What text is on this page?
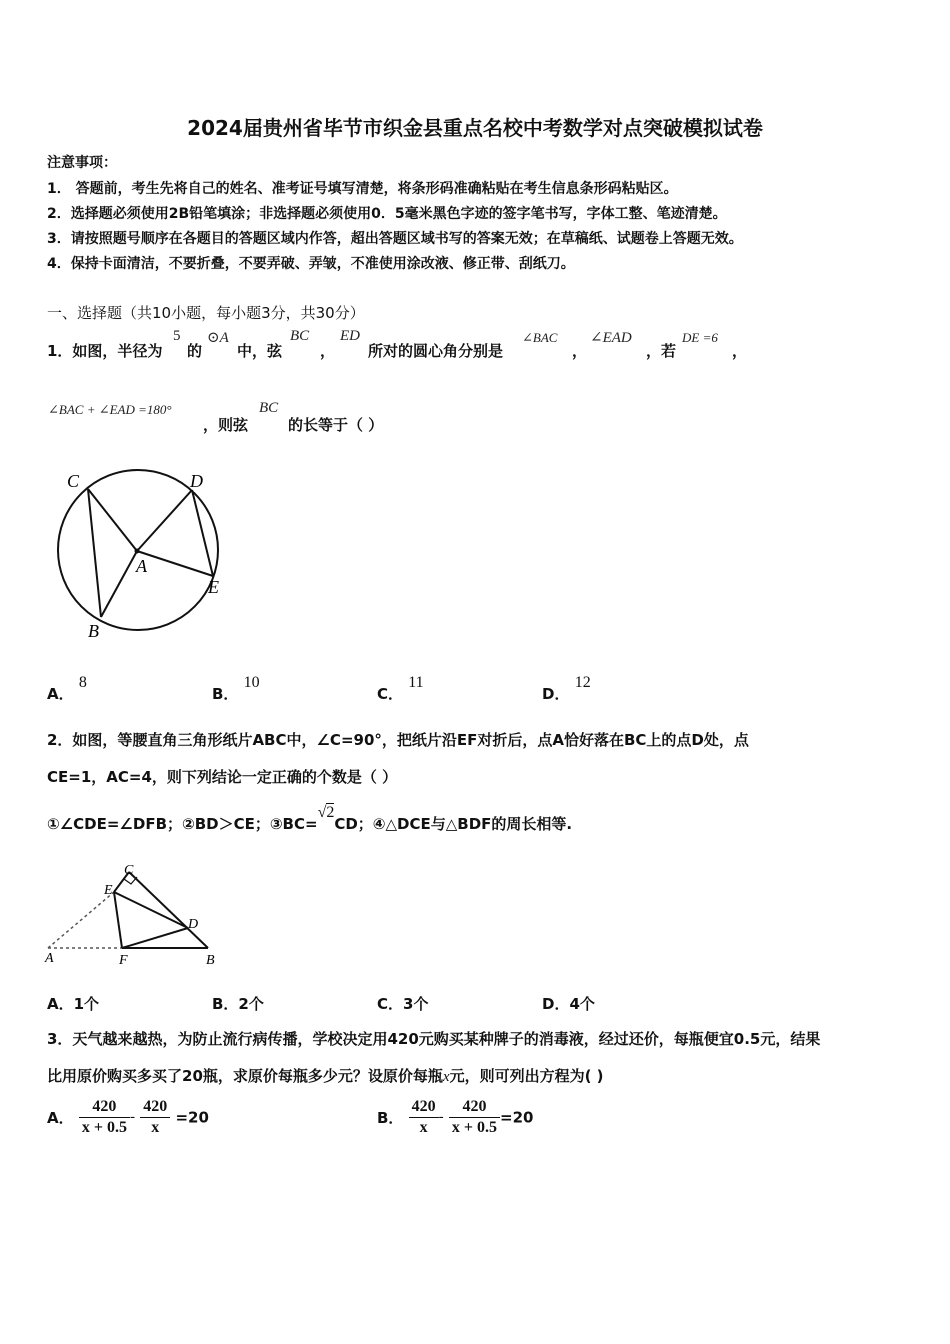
2024届贵州省毕节市织金县重点名校中考数学对点突破模拟试卷
注意事项：
1． 答题前，考生先将自己的姓名、准考证号填写清楚，将条形码准确粘贴在考生信息条形码粘贴区。
2．选择题必须使用2B铅笔填涂；非选择题必须使用0．5毫米黑色字迹的签字笔书写，字体工整、笔迹清楚。
3．请按照题号顺序在各题目的答题区域内作答，超出答题区域书写的答案无效；在草稿纸、试题卷上答题无效。
4．保持卡面清洁，不要折叠，不要弄破、弄皱，不准使用涂改液、修正带、刮纸刀。
一、选择题（共10小题，每小题3分，共30分）
1．如图，半径为
5
的
⊙A
中，弦
BC
，
ED
所对的圆心角分别是
∠BAC
，
∠EAD
，若
DE =6
，
∠BAC + ∠EAD =180°
，则弦
BC
的长等于（ ）
C	D
A
E
B
A． 8
B． 10
C． 11
D． 12
2．如图，等腰直角三角形纸片ABC中，∠C=90°，把纸片沿EF对折后，点A恰好落在BC上的点D处，点
CE=1，AC=4，则下列结论一定正确的个数是（ ）
①∠CDE=∠DFB；②BD＞CE；③BC=√2CD；④△DCE与△BDF的周长相等.
C
E
D
A	F	B
A．1个	B．2个	C．3个	D．4个
3．天气越来越热，为防止流行病传播，学校决定用420元购买某种牌子的消毒液，经过还价，每瓶便宜0.5元，结果
比用原价购买多买了20瓶，求原价每瓶多少元？设原价每瓶x元，则可列出方程为( )
A． $\frac{420}{x + 0.5} - \frac{420}{x} =20$	B． $\frac{420}{x} - \frac{420}{x + 0.5} =20$
